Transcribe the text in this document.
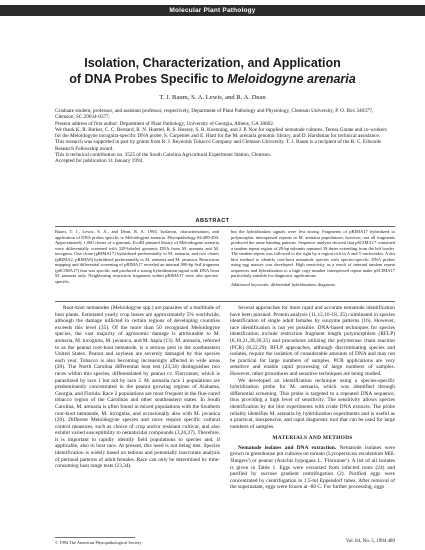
Molecular Plant Pathology
Isolation, Characterization, and Application
of DNA Probes Specific to Meloidogyne arenaria
T. J. Baum, S. A. Lewis, and R. A. Dean

Graduate student, professor, and assistant professor, respectively, Department of Plant Pathology and Physiology, Clemson University, P. O. Box 340377, Clemson, SC 29634-0377.

Present address of first author: Department of Plant Pathology, University of Georgia, Athens, GA 30602.

We thank K. R. Barker, C. C. Bernard, R. N. Huettel, R. S. Hussey, S. R. Koenning, and J. P. Noe for supplied nematode cultures, Teresa Garate and co-workers for the Meloidogyne incognita-specific DNA probe, S. Carpenter and E. Hiatt for the M. arenaria genomic library, and D. Harshman for technical assistance.

This research was supported in part by grants from R. J. Reynolds Tobacco Company and Clemson University. T. J. Baum is a recipient of the R. C. Edwards Research Fellowship award.

This is technical contribution no. 3525 of the South Carolina Agricultural Experiment Station, Clemson.

Accepted for publication 31 January 1994.

ABSTRACT

Baum, T. J., Lewis, S. A., and Dean, R. A. 1994. Isolation, characterization, and application of DNA probes specific to Meloidogyne arenaria. Phytopathology 84:489-494. Approximately 1,000 clones of a genomic EcoRI plasmid library of Meloidogyne arenaria were differentially screened with 32P-labeled genomic DNA from M. arenaria and M. incognita. One clone (pRIMA17) hybridized preferentially to M. arenaria, and two clones (pRIMA2, pRIMA9) hybridized preferentially to M. arenaria and M. javanica. Restriction mapping and differential screening of pRIMA17 revealed an internal 900-bp SstI fragment (pSCIMA17) that was specific and produced a strong hybridization signal with DNA from M. arenaria only. Neighboring restriction fragments within pRIMA17 were also species-specific,

but the hybridization signals were less strong. Fragments of pRIMA17 hybridized to polymorphic interspersed repeats in M. arenaria populations; however, not all fragments produced the same banding patterns. Sequence analysis showed that pSCIMA17 contained a tandem repeat region of 28-bp subunits repeated 39 times extending from the left border. The tandem repeat was followed to the right by a region rich in A and T nucleotides. A dot blot method to identify root-knot nematode species with species-specific DNA probes using egg masses was developed. High sensitivity as a result of internal tandem repeat sequences and hybridization to a high copy number interspersed repeat make pSCIMA17 particularly suitable for diagnostic applications.

Additional keywords: differential hybridization, diagnosis.

Root-knot nematodes (Meloidogyne spp.) are parasites of a multitude of host plants. Estimated yearly crop losses are approximately 5% worldwide, although the damage inflicted in certain regions of developing countries exceeds this level (35). Of the more than 50 recognized Meloidogyne species, the vast majority of agronomic damage is attributable to M. arenaria, M. incognita, M. javanica, and M. hapla (13). M. arenaria, referred to as the peanut root-knot nematode, is a serious pest in the southeastern United States. Peanut and soybean are severely damaged by this species each year. Tobacco is also becoming increasingly affected in wide areas (20). The North Carolina differential host test (23,34) distinguishes two races within this species, differentiated by peanut cv. Florrunner, which is parasitized by race 1 but not by race 2. M. arenaria race 1 populations are predominantly concentrated in the peanut growing regions of Alabama, Georgia, and Florida. Race 2 populations are most frequent in the flue-cured tobacco region of the Carolinas and other southeastern states. In South Carolina, M. arenaria is often found in mixed populations with the Southern root-knot nematode, M. incognita, and occasionally also with M. javanica (20). Different Meloidogyne species and races require specific cultural control measures, such as choice of crop and/or resistant cultivar, and also exhibit varied susceptibility to nematicidal compounds (3,26,27). Therefore, it is important to rapidly identify field populations to species and, if applicable, also to host race. At present, this need is not being met. Species identification is widely based on tedious and potentially inaccurate analysis of perineal patterns of adult females. Race can only be determined by time-consuming host range tests (23,34).

Several approaches for more rapid and accurate nematode identification have been pursued. Protein analysis (11,12,16-18, 25) culminated in species identification of single adult females by isozyme patterns (16). However, race identification is not yet possible. DNA-based techniques for species identification include restriction fragment length polymorphism (RFLP) (6,10,21,28,30,35) and procedures utilizing the polymerase chain reaction (PCR) (8,22,29). RFLP approaches, although discriminating species and isolates, require the isolation of considerable amounts of DNA and may not be practical for large numbers of samples. PCR applications are very sensitive and enable rapid processing of large numbers of samples. However, other procedures and sensitive techniques are being studied.

We developed an identification technique using a species-specific hybridization probe for M. arenaria, which was identified through differential screening. This probe is targeted to a repeated DNA sequence, thus providing a high level of sensitivity. The sensitivity allows species identification by dot blot experiments with crude DNA extracts. The probe reliably identifies M. arenaria by hybridization experiments and is useful as a practical, inexpensive, and rapid diagnostic tool that can be used for large numbers of samples.

MATERIALS AND METHODS

Nematode isolates and DNA extraction. Nematode isolates were grown in greenhouse pot cultures on tomato (Lycopersicon esculentum Mill. 'Rutgers') or peanut (Arachis hypogaea L. 'Florunner'). A list of all isolates is given in Table 1. Eggs were extracted from infected roots (24) and purified by sucrose gradient centrifugation (2). Purified eggs were concentrated by centrifugation in 1.5-ml Eppendorf tubes. After removal of the supernatant, eggs were frozen at -80 C. For further processing, eggs

© 1994 The American Phytopathological Society	Vol. 84, No. 5, 1994 489
